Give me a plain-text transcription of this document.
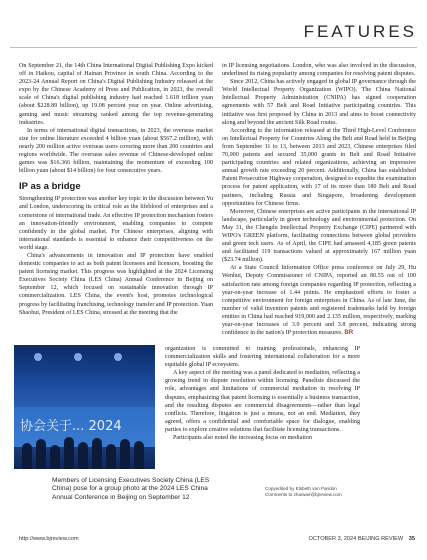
FEATURES

On September 21, the 14th China International Digital Publishing Expo kicked off in Haikou, capital of Hainan Province in south China. According to the 2023-24 Annual Report on China's Digital Publishing Industry released at the expo by the Chinese Academy of Press and Publication, in 2023, the overall scale of China's digital publishing industry had reached 1.618 trillion yuan (about $228.89 billion), up 19.08 percent year on year. Online advertising, gaming and music streaming ranked among the top revenue-generating industries.

In terms of international digital transactions, in 2023, the overseas market size for online literature exceeded 4 billion yuan (about $567.2 million), with nearly 200 million active overseas users covering more than 200 countries and regions worldwide. The overseas sales revenue of Chinese-developed online games was $16.366 billion, maintaining the momentum of exceeding 100 billion yuan (about $14 billion) for four consecutive years.

IP as a bridge

Strengthening IP protection was another key topic in the discussion between Yu and London, underscoring its critical role as the lifeblood of enterprises and a cornerstone of international trade. An effective IP protection mechanism fosters an innovation-friendly environment, enabling companies to compete confidently in the global market. For Chinese enterprises, aligning with international standards is essential to enhance their competitiveness on the world stage.

China's advancements in innovation and IP protection have enabled domestic companies to act as both patent licensees and licensors, boosting the patent licensing market. This progress was highlighted at the 2024 Licensing Executives Society China (LES China) Annual Conference in Beijing on September 12, which focused on sustainable innovation through IP commercialization. LES China, the event's host, promotes technological progress by facilitating franchising, technology transfer and IP protection. Yuan Shaohui, President of LES China, stressed at the meeting that the

协会关于... 2024

organization is committed to training professionals, enhancing IP commercialization skills and fostering international collaboration for a more equitable global IP ecosystem.

A key aspect of the meeting was a panel dedicated to mediation, reflecting a growing trend in dispute resolution within licensing. Panelists discussed the role, advantages and limitations of commercial mediation in resolving IP disputes, emphasizing that patent licensing is essentially a business transaction, and the resulting disputes are commercial disagreements—rather than legal conflicts. Therefore, litigation is just a means, not an end. Mediation, they agreed, offers a confidential and comfortable space for dialogue, enabling parties to explore creative solutions that facilitate licensing transactions.

Participants also noted the increasing focus on mediation

in IP licensing negotiations. London, who was also involved in the discussion, underlined its rising popularity among companies for resolving patent disputes.

Since 2012, China has actively engaged in global IP governance through the World Intellectual Property Organization (WIPO). The China National Intellectual Property Administration (CNIPA) has signed cooperation agreements with 57 Belt and Road Initiative participating countries. This initiative was first proposed by China in 2013 and aims to boost connectivity along and beyond the ancient Silk Road routes.

According to the information released at the Third High-Level Conference on Intellectual Property for Countries Along the Belt and Road held in Beijing from September 11 to 13, between 2013 and 2023, Chinese enterprises filed 70,000 patents and secured 35,000 grants in Belt and Road Initiative participating countries and related organizations, achieving an impressive annual growth rate exceeding 20 percent. Additionally, China has established Patent Prosecution Highway cooperation, designed to expedite the examination process for patent application, with 17 of its more than 180 Belt and Road partners, including Russia and Singapore, broadening development opportunities for Chinese firms.

Moreover, Chinese enterprises are active participants in the international IP landscape, particularly in green technology and environmental protection. On May 31, the Chengdu Intellectual Property Exchange (CIPE) partnered with WIPO's GREEN platform, facilitating connections between global providers and green tech users. As of April, the CIPE had amassed 4,185 green patents and facilitated 119 transactions valued at approximately 167 million yuan ($23.74 million).

At a State Council Information Office press conference on July 29, Hu Wenhui, Deputy Commissioner of CNIPA, reported an 80.55 out of 100 satisfaction rate among foreign companies regarding IP protection, reflecting a year-on-year increase of 1.44 points. He emphasized efforts to foster a competitive environment for foreign enterprises in China. As of late June, the number of valid invention patents and registered trademarks held by foreign entities in China had reached 919,000 and 2.135 million, respectively, marking year-on-year increases of 3.9 percent and 3.8 percent, indicating strong confidence in the nation's IP protection measures. BR

Members of Licensing Executives Society China (LES China) pose for a group photo at the 2024 LES China Annual Conference in Beijing on September 12
Copyedited by Elsbeth van Paridon
Comments to zhaowei@bjreview.com
http://www.bjreview.com	OCTOBER 3, 2024 BEIJING REVIEW 35
